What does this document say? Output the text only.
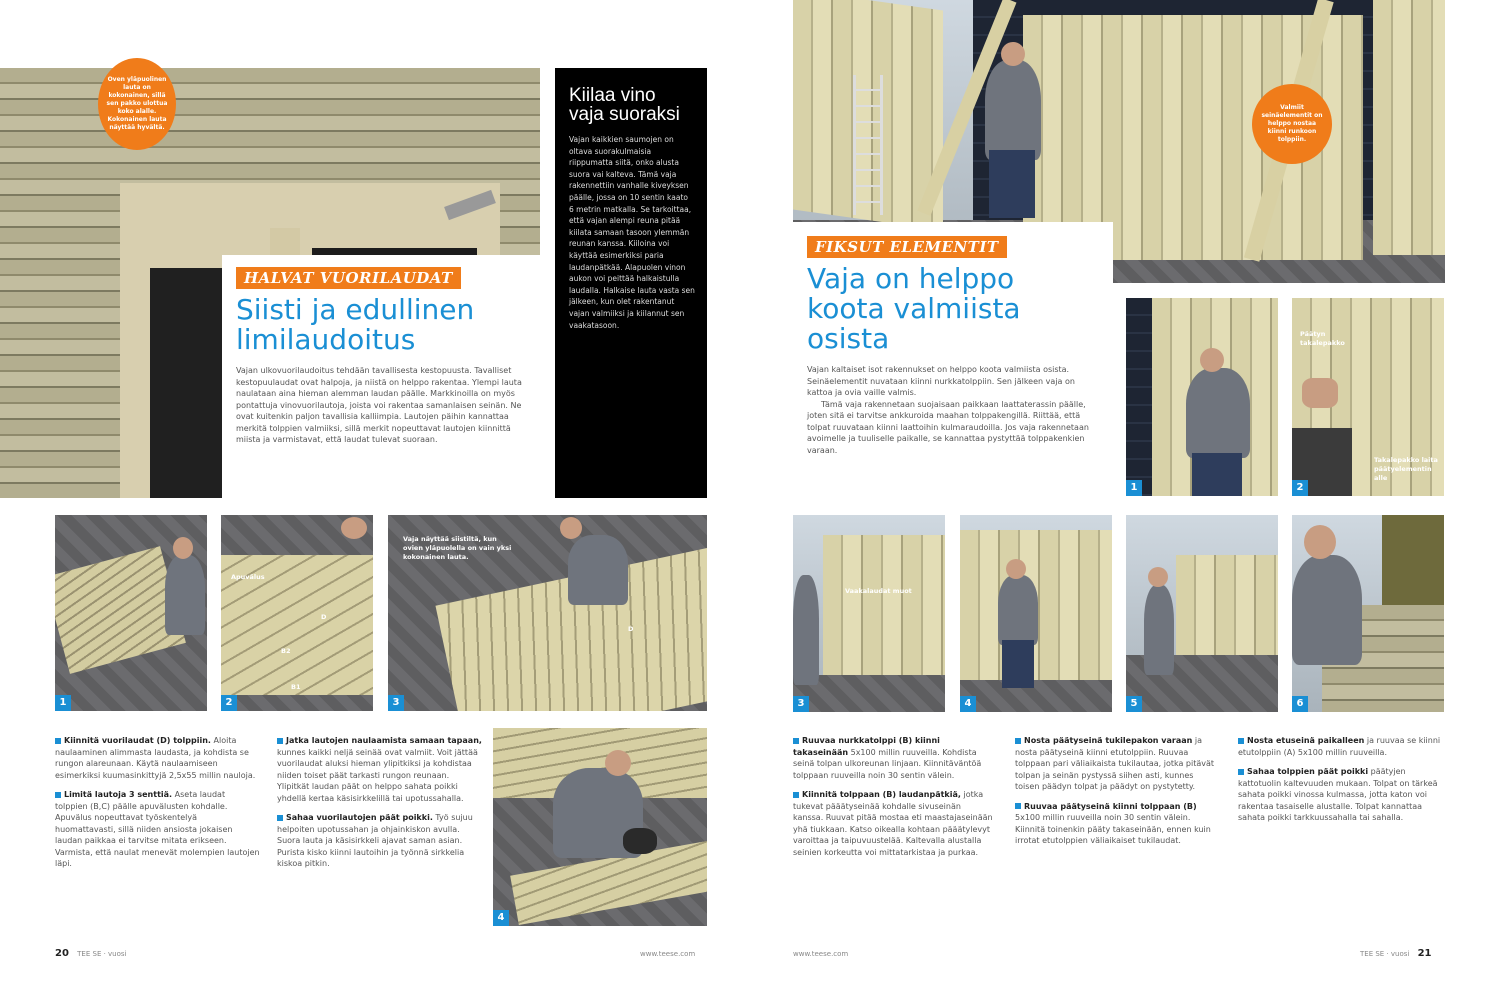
Oven yläpuolinen lauta on kokonainen, sillä sen pakko ulottua koko alalle. Kokonainen lauta näyttää hyvältä.
HALVAT VUORILAUDAT
Siisti ja edullinen limilaudoitus

Vajan ulkovuorilaudoitus tehdään tavallisesta kestopuusta. Tavalliset kestopuulaudat ovat halpoja, ja niistä on helppo rakentaa. Ylempi lauta naulataan aina hieman alemman laudan päälle. Markkinoilla on myös pontattuja vinovuorilautoja, joista voi rakentaa samanlaisen seinän. Ne ovat kuitenkin paljon tavallisia kalliimpia. Lautojen päihin kannattaa merkitä tolppien valmiiksi, sillä merkit nopeuttavat lautojen kiinnittä miista ja varmistavat, että laudat tulevat suoraan.

Kiilaa vino vaja suoraksi
Vajan kaikkien saumojen on oltava suorakulmaisia riippumatta siitä, onko alusta suora vai kalteva. Tämä vaja rakennettiin vanhalle kiveyksen päälle, jossa on 10 sentin kaato 6 metrin matkalla. Se tarkoittaa, että vajan alempi reuna pitää kiilata samaan tasoon ylemmän reunan kanssa. Kiiloina voi käyttää esimerkiksi paria laudanpätkää. Alapuolen vinon aukon voi peittää halkaistulla laudalla. Halkaise lauta vasta sen jälkeen, kun olet rakentanut vajan valmiiksi ja kiilannut sen vaakatasoon.
1
Apuvälus
D
B2
B1
2
Vaja näyttää siistiltä, kun ovien yläpuolella on vain yksi kokonainen lauta.
D
3

Kiinnitä vuorilaudat (D) tolppiin. Aloita naulaaminen alimmasta laudasta, ja kohdista se rungon alareunaan. Käytä naulaamiseen esimerkiksi kuumasinkittyjä 2,5x55 millin nauloja.

Limitä lautoja 3 senttiä. Aseta laudat tolppien (B,C) päälle apuvälusten kohdalle. Apuvälus nopeuttavat työskentelyä huomattavasti, sillä niiden ansiosta jokaisen laudan paikkaa ei tarvitse mitata erikseen. Varmista, että naulat menevät molempien lautojen läpi.

Jatka lautojen naulaamista samaan tapaan, kunnes kaikki neljä seinää ovat valmiit. Voit jättää vuorilaudat aluksi hieman ylipitkiksi ja kohdistaa niiden toiset päät tarkasti rungon reunaan. Ylipitkät laudan päät on helppo sahata poikki yhdellä kertaa käsisirkkelillä tai upotussahalla.

Sahaa vuorilautojen päät poikki. Työ sujuu helpoiten upotussahan ja ohjainkiskon avulla. Suora lauta ja käsisirkkeli ajavat saman asian. Purista kisko kiinni lautoihin ja työnnä sirkkelia kiskoa pitkin.

4
20 TEE SE · vuosi	www.teese.com
Valmiit seinäelementit on helppo nostaa kiinni runkoon tolppiin.
FIKSUT ELEMENTIT
Vaja on helppo koota valmiista osista

Vajan kaltaiset isot rakennukset on helppo koota valmiista osista. Seinäelementit nuvataan kiinni nurkkatolppiin. Sen jälkeen vaja on kattoa ja ovia vaille valmis.

Tämä vaja rakennetaan suojaisaan paikkaan laattaterassin päälle, joten sitä ei tarvitse ankkuroida maahan tolppakengillä. Riittää, että tolpat ruuvataan kiinni laattoihin kulmaraudoilla. Jos vaja rakennetaan avoimelle ja tuuliselle paikalle, se kannattaa pystyttää tolppakenkien varaan.

1
Päätyn takalepakko
Takalepakko laita päätyelementin alle
2
Vaakalaudat muot
3	4	5	6

Ruuvaa nurkkatolppi (B) kiinni takaseinään 5x100 millin ruuveilla. Kohdista seinä tolpan ulkoreunan linjaan. Kiinnitäväntöä tolppaan ruuveilla noin 30 sentin välein.

Kiinnitä tolppaan (B) laudanpätkiä, jotka tukevat pääätyseinää kohdalle sivuseinän kanssa. Ruuvat pitää mostaa eti maastajaseinään yhä tiukkaan. Katso oikealla kohtaan pääätylevyt varoittaa ja taipuvuustelää. Kaltevalla alustalla seinien korkeutta voi mittatarkistaa ja purkaa.

Nosta päätyseinä tukilepakon varaan ja nosta päätyseinä kiinni etutolppiin. Ruuvaa tolppaan pari väliaikaista tukilautaa, jotka pitävät tolpan ja seinän pystyssä siihen asti, kunnes toisen päädyn tolpat ja päädyt on pystytetty.

Ruuvaa päätyseinä kiinni tolppaan (B) 5x100 millin ruuveilla noin 30 sentin välein. Kiinnitä toinenkin pääty takaseinään, ennen kuin irrotat etutolppien väliaikaiset tukilaudat.

Nosta etuseinä paikalleen ja ruuvaa se kiinni etutolppiin (A) 5x100 millin ruuveilla.

Sahaa tolppien päät poikki päätyjen kattotuolin kaltevuuden mukaan. Tolpat on tärkeä sahata poikki vinossa kulmassa, jotta katon voi rakentaa tasaiselle alustalle. Tolpat kannattaa sahata poikki tarkkuussahalla tai sahalla.

www.teese.com	TEE SE · vuosi 21
